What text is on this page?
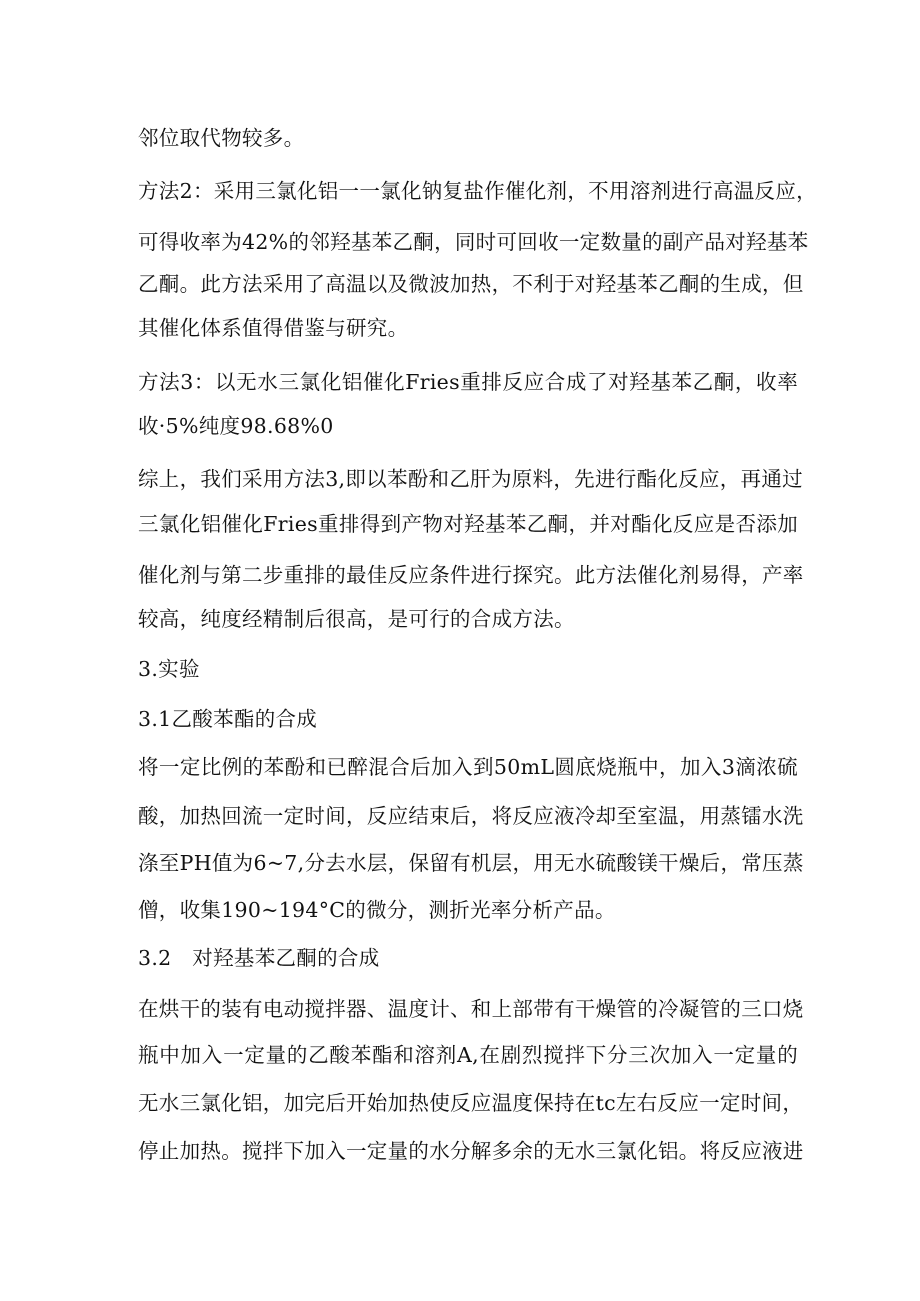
邻位取代物较多。
方法2：采用三氯化铝一一氯化钠复盐作催化剂，不用溶剂进行高温反应，
可得收率为42%的邻羟基苯乙酮，同时可回收一定数量的副产品对羟基苯
乙酮。此方法采用了高温以及微波加热，不利于对羟基苯乙酮的生成，但
其催化体系值得借鉴与研究。
方法3：以无水三氯化铝催化Fries重排反应合成了对羟基苯乙酮，收率
收·5%纯度98.68%0
综上，我们采用方法3,即以苯酚和乙肝为原料，先进行酯化反应，再通过
三氯化铝催化Fries重排得到产物对羟基苯乙酮，并对酯化反应是否添加
催化剂与第二步重排的最佳反应条件进行探究。此方法催化剂易得，产率
较高，纯度经精制后很高，是可行的合成方法。
3.实验
3.1乙酸苯酯的合成
将一定比例的苯酚和已醉混合后加入到50mL圆底烧瓶中，加入3滴浓硫
酸，加热回流一定时间，反应结束后，将反应液冷却至室温，用蒸镭水洗
涤至PH值为6~7,分去水层，保留有机层，用无水硫酸镁干燥后，常压蒸
僧，收集190~194°C的微分，测折光率分析产品。
3.2　对羟基苯乙酮的合成
在烘干的装有电动搅拌器、温度计、和上部带有干燥管的冷凝管的三口烧
瓶中加入一定量的乙酸苯酯和溶剂A,在剧烈搅拌下分三次加入一定量的
无水三氯化铝，加完后开始加热使反应温度保持在tc左右反应一定时间，
停止加热。搅拌下加入一定量的水分解多余的无水三氯化铝。将反应液进
